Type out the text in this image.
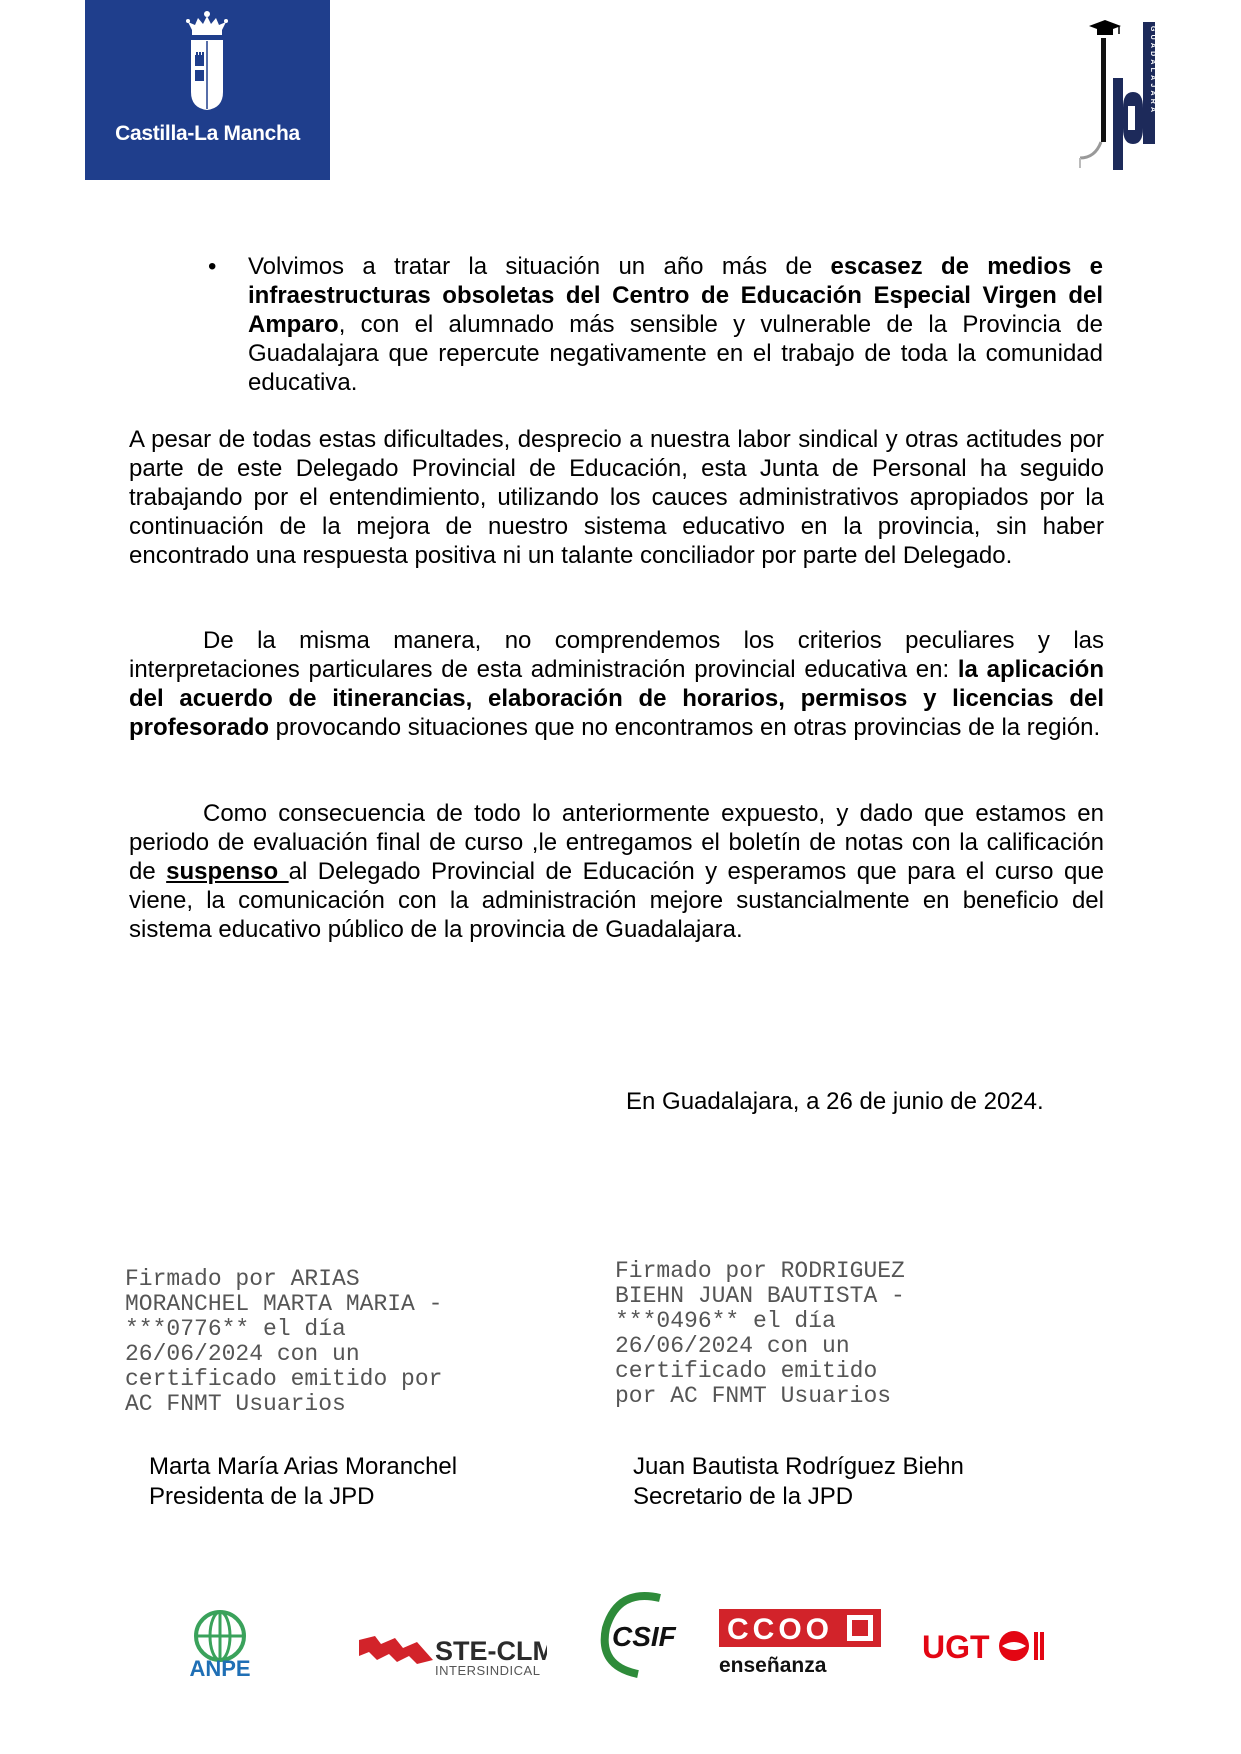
Castilla-La Mancha
GUADALAJARA
• Volvimos a tratar la situación un año más de escasez de medios e infraestructuras obsoletas del Centro de Educación Especial Virgen del Amparo, con el alumnado más sensible y vulnerable de la Provincia de Guadalajara que repercute negativamente en el trabajo de toda la comunidad educativa.

A pesar de todas estas dificultades, desprecio a nuestra labor sindical y otras actitudes por parte de este Delegado Provincial de Educación, esta Junta de Personal ha seguido trabajando por el entendimiento, utilizando los cauces administrativos apropiados por la continuación de la mejora de nuestro sistema educativo en la provincia, sin haber encontrado una respuesta positiva ni un talante conciliador por parte del Delegado.

De la misma manera, no comprendemos los criterios peculiares y las interpretaciones particulares de esta administración provincial educativa en: la aplicación del acuerdo de itinerancias, elaboración de horarios, permisos y licencias del profesorado provocando situaciones que no encontramos en otras provincias de la región.

Como consecuencia de todo lo anteriormente expuesto, y dado que estamos en periodo de evaluación final de curso ,le entregamos el boletín de notas con la calificación de suspenso al Delegado Provincial de Educación y esperamos que para el curso que viene, la comunicación con la administración mejore sustancialmente en beneficio del sistema educativo público de la provincia de Guadalajara.

En Guadalajara, a 26 de junio de 2024.
Firmado por ARIAS
MORANCHEL MARTA MARIA -
***0776** el día
26/06/2024 con un
certificado emitido por
AC FNMT Usuarios
Firmado por RODRIGUEZ
BIEHN JUAN BAUTISTA -
***0496** el día
26/06/2024 con un
certificado emitido
por AC FNMT Usuarios
Marta María Arias Moranchel
Presidenta de la JPD
Juan Bautista Rodríguez Biehn
Secretario de la JPD
ANPE
STE-CLM
INTERSINDICAL
CSIF CCOO
enseñanza
UGT
